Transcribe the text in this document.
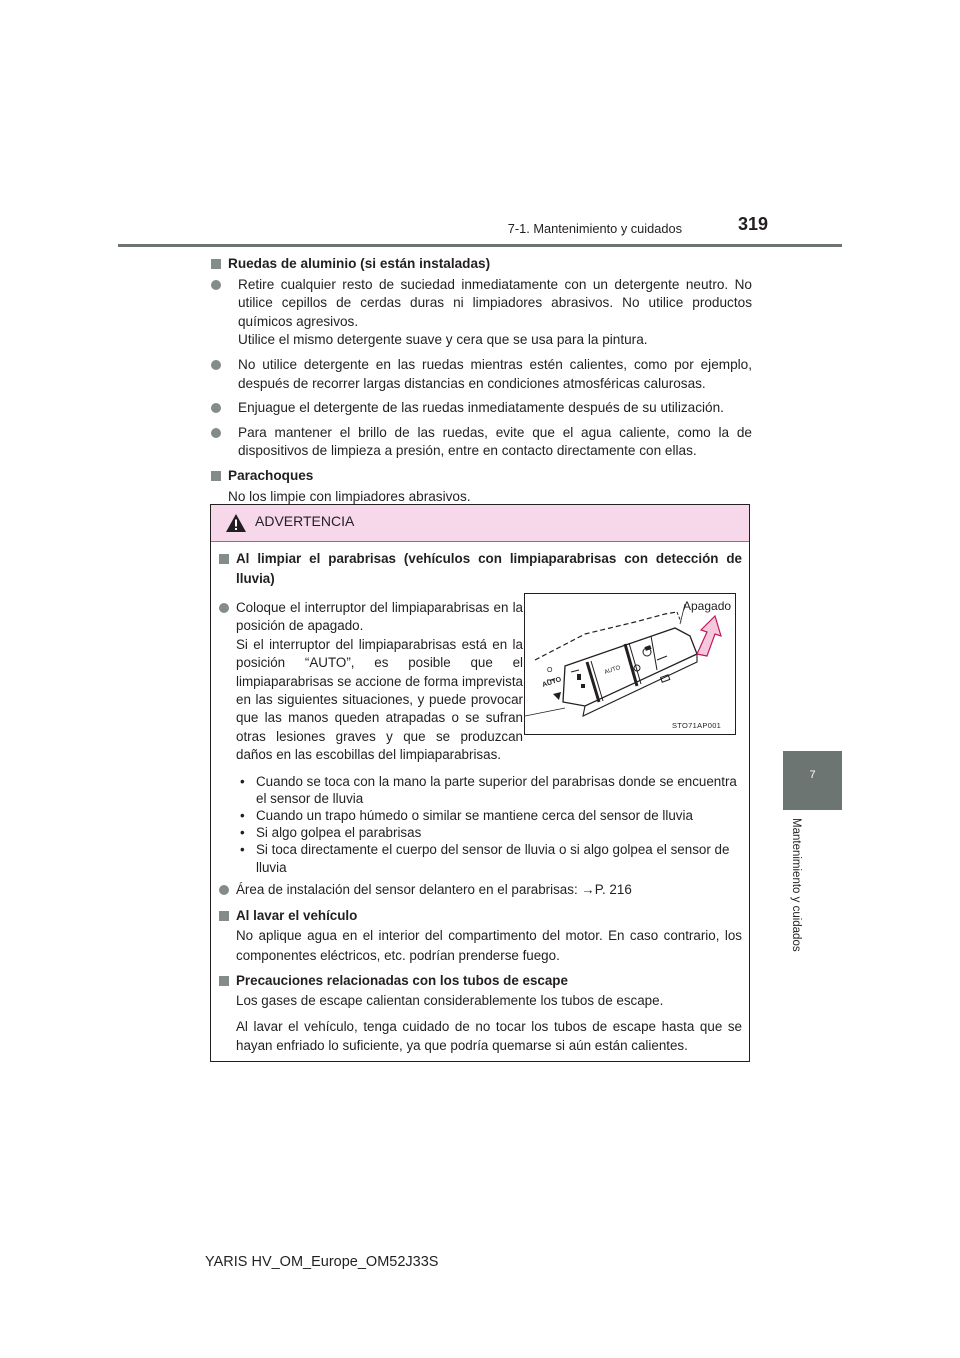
7-1. Mantenimiento y cuidados	319
7
Mantenimiento y cuidados
Ruedas de aluminio (si están instaladas)
Retire cualquier resto de suciedad inmediatamente con un detergente neutro. No utilice cepillos de cerdas duras ni limpiadores abrasivos. No utilice productos químicos agresivos.
Utilice el mismo detergente suave y cera que se usa para la pintura.
No utilice detergente en las ruedas mientras estén calientes, como por ejemplo, después de recorrer largas distancias en condiciones atmosféricas calurosas.
Enjuague el detergente de las ruedas inmediatamente después de su utilización.
Para mantener el brillo de las ruedas, evite que el agua caliente, como la de dispositivos de limpieza a presión, entre en contacto directamente con ellas.
Parachoques
No los limpie con limpiadores abrasivos.
ADVERTENCIA
Al limpiar el parabrisas (vehículos con limpiaparabrisas con detección de lluvia)
Coloque el interruptor del limpiaparabrisas en la posición de apagado.
Si el interruptor del limpiaparabrisas está en la posición “AUTO”, es posible que el limpiaparabrisas se accione de forma imprevista en las siguientes situaciones, y puede provocar que las manos queden atrapadas o se sufran otras lesiones graves y que se produzcan daños en las escobillas del limpiaparabrisas.
• Cuando se toca con la mano la parte superior del parabrisas donde se encuentra el sensor de lluvia
• Cuando un trapo húmedo o similar se mantiene cerca del sensor de lluvia
• Si algo golpea el parabrisas
• Si toca directamente el cuerpo del sensor de lluvia o si algo golpea el sensor de lluvia
Área de instalación del sensor delantero en el parabrisas: →P. 216
Al lavar el vehículo
No aplique agua en el interior del compartimento del motor. En caso contrario, los componentes eléctricos, etc. podrían prenderse fuego.
Precauciones relacionadas con los tubos de escape
Los gases de escape calientan considerablemente los tubos de escape.
Al lavar el vehículo, tenga cuidado de no tocar los tubos de escape hasta que se hayan enfriado lo suficiente, ya que podría quemarse si aún están calientes.
AUTO
AUTO
O
Apagado
STO71AP001
YARIS HV_OM_Europe_OM52J33S
